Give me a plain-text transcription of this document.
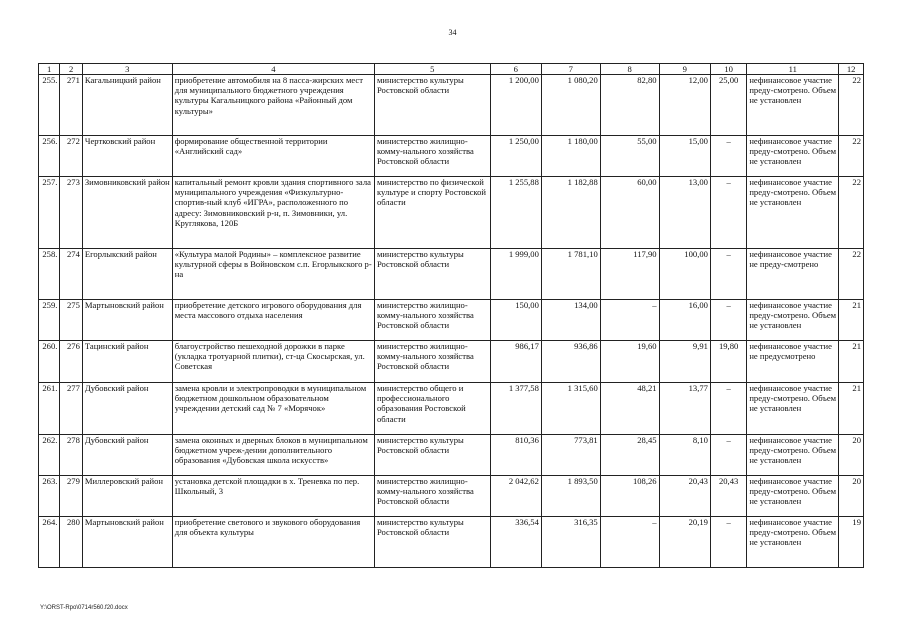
34
1	2	3	4	5	6	7	8	9	10	11	12
255.	271	Кагальницкий район	приобретение автомобиля на 8 пасса-жирских мест для муниципального бюджетного учреждения культуры Кагальницкого района «Районный дом культуры»	министерство культуры Ростовской области	1 200,00	1 080,20	82,80	12,00	25,00	нефинансовое участие преду-смотрено. Объем не установлен	22
256.	272	Чертковский район	формирование общественной территории «Английский сад»	министерство жилищно-комму-нального хозяйства Ростовской области	1 250,00	1 180,00	55,00	15,00	–	нефинансовое участие преду-смотрено. Объем не установлен	22
257.	273	Зимовниковский район	капитальный ремонт кровли здания спортивного зала муниципального учреждения «Физкультурно-спортив-ный клуб «ИГРА», расположенного по адресу: Зимовниковский р-н, п. Зимовники, ул. Круглякова, 120Б	министерство по физической культуре и спорту Ростовской области	1 255,88	1 182,88	60,00	13,00	–	нефинансовое участие преду-смотрено. Объем не установлен	22
258.	274	Егорлыкский район	«Культура малой Родины» – комплексное развитие культурной сферы в Войновском с.п. Егорлыкского р-на	министерство культуры Ростовской области	1 999,00	1 781,10	117,90	100,00	–	нефинансовое участие не преду-смотрено	22
259.	275	Мартыновский район	приобретение детского игрового оборудования для места массового отдыха населения	министерство жилищно-комму-нального хозяйства Ростовской области	150,00	134,00	–	16,00	–	нефинансовое участие преду-смотрено. Объем не установлен	21
260.	276	Тацинский район	благоустройство пешеходной дорожки в парке (укладка тротуарной плитки), ст-ца Скосырская, ул. Советская	министерство жилищно-комму-нального хозяйства Ростовской области	986,17	936,86	19,60	9,91	19,80	нефинансовое участие не предусмотрено	21
261.	277	Дубовский район	замена кровли и электропроводки в муниципальном бюджетном дошкольном образовательном учреждении детский сад № 7 «Морячок»	министерство общего и профессионального образования Ростовской области	1 377,58	1 315,60	48,21	13,77	–	нефинансовое участие преду-смотрено. Объем не установлен	21
262.	278	Дубовский район	замена оконных и дверных блоков в муниципальном бюджетном учреж-дении дополнительного образования «Дубовская школа искусств»	министерство культуры Ростовской области	810,36	773,81	28,45	8,10	–	нефинансовое участие преду-смотрено. Объем не установлен	20
263.	279	Миллеровский район	установка детской площадки в х. Треневка по пер. Школьный, 3	министерство жилищно-комму-нального хозяйства Ростовской области	2 042,62	1 893,50	108,26	20,43	20,43	нефинансовое участие преду-смотрено. Объем не установлен	20
264.	280	Мартыновский район	приобретение светового и звукового оборудования для объекта культуры	министерство культуры Ростовской области	336,54	316,35	–	20,19	–	нефинансовое участие преду-смотрено. Объем не установлен	19
Y:\ORST-Rpo\0714r560.f20.docx
